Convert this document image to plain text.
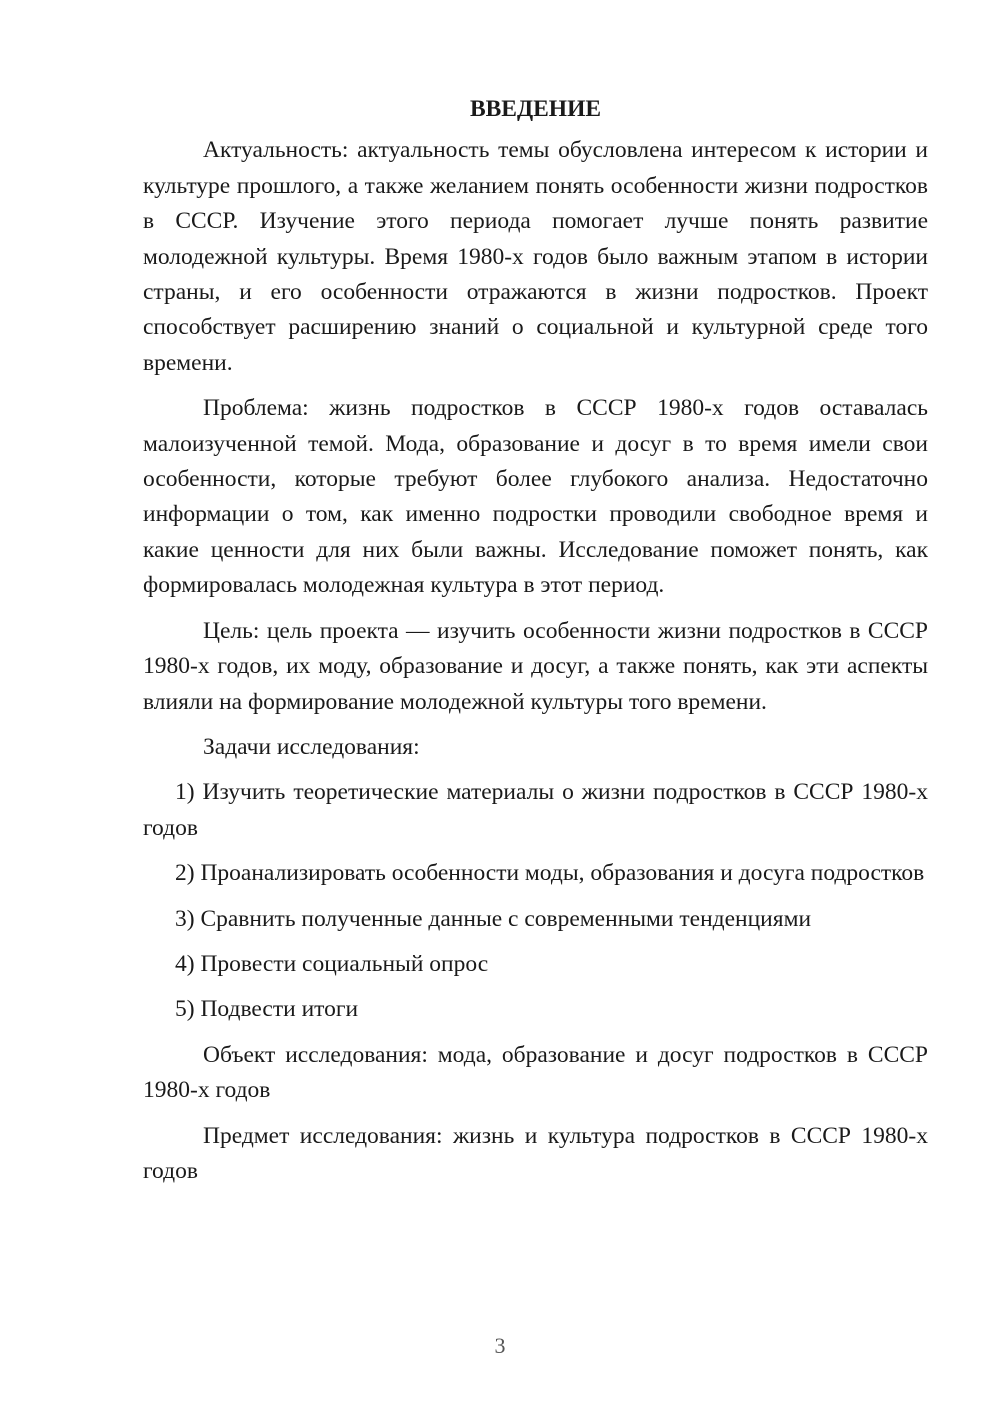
ВВЕДЕНИЕ

Актуальность: актуальность темы обусловлена интересом к истории и культуре прошлого, а также желанием понять особенности жизни подростков в СССР. Изучение этого периода помогает лучше понять развитие молодежной культуры. Время 1980-х годов было важным этапом в истории страны, и его особенности отражаются в жизни подростков. Проект способствует расширению знаний о социальной и культурной среде того времени.

Проблема: жизнь подростков в СССР 1980-х годов оставалась малоизученной темой. Мода, образование и досуг в то время имели свои особенности, которые требуют более глубокого анализа. Недостаточно информации о том, как именно подростки проводили свободное время и какие ценности для них были важны. Исследование поможет понять, как формировалась молодежная культура в этот период.

Цель: цель проекта — изучить особенности жизни подростков в СССР 1980-х годов, их моду, образование и досуг, а также понять, как эти аспекты влияли на формирование молодежной культуры того времени.

Задачи исследования:

1) Изучить теоретические материалы о жизни подростков в СССР 1980-х годов

2) Проанализировать особенности моды, образования и досуга подростков

3) Сравнить полученные данные с современными тенденциями

4) Провести социальный опрос

5) Подвести итоги

Объект исследования: мода, образование и досуг подростков в СССР 1980-х годов

Предмет исследования: жизнь и культура подростков в СССР 1980-х годов

3
